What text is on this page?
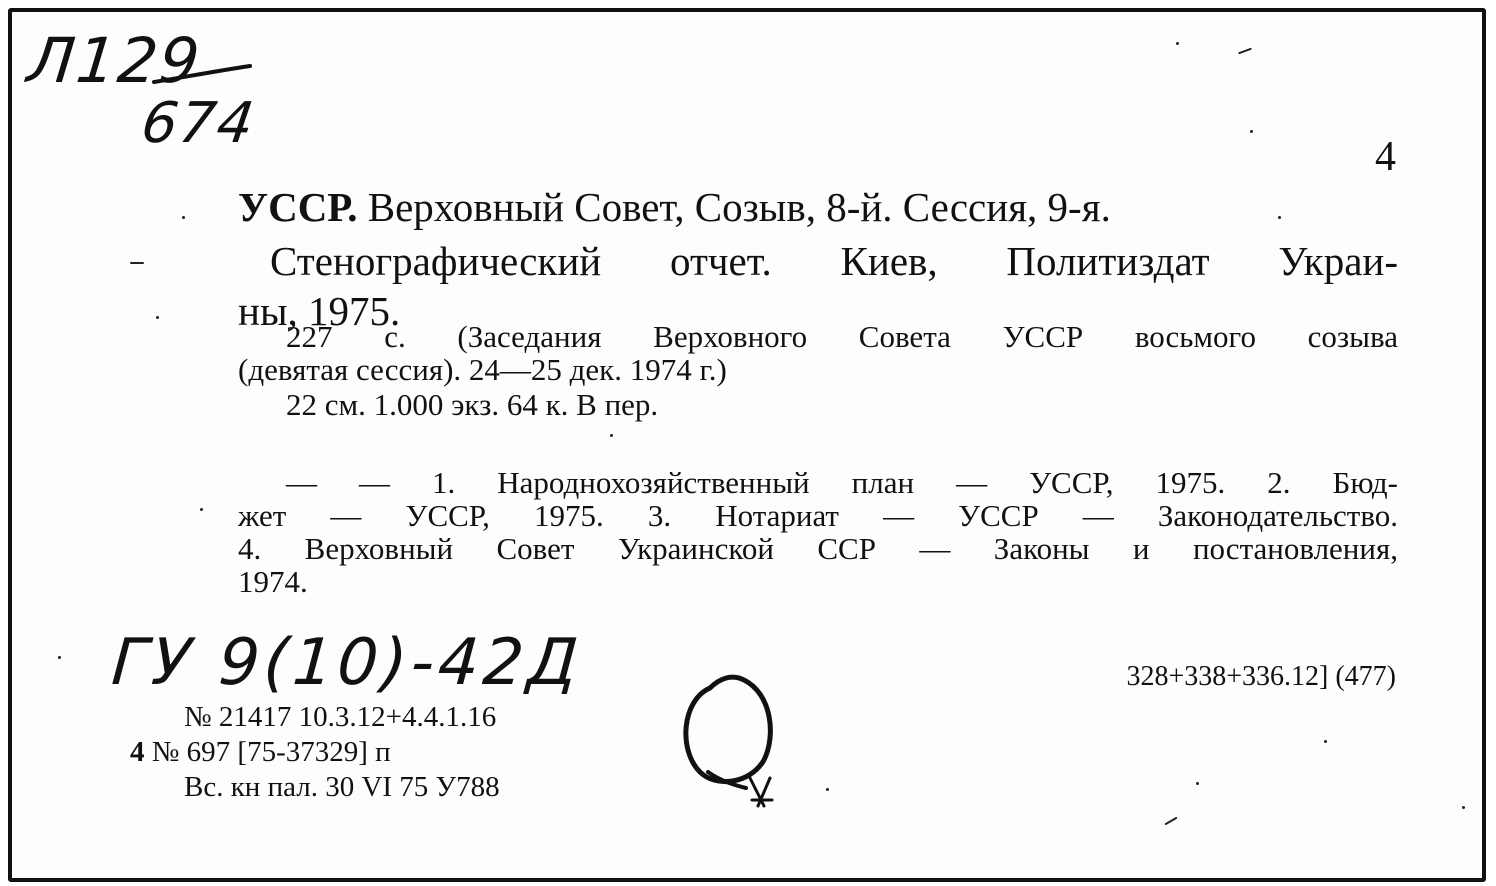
Л129
674
4
УССР. Верховный Совет, Созыв, 8-й. Сессия, 9-я.
Стенографический отчет. Киев, Политиздат Украи-
ны, 1975.
227 с. (Заседания Верховного Совета УССР восьмого созыва
(девятая сессия). 24—25 дек. 1974 г.)
22 см. 1.000 экз. 64 к. В пер.
— — 1. Народнохозяйственный план — УССР, 1975. 2. Бюд-
жет — УССР, 1975. 3. Нотариат — УССР — Законодательство.
4. Верховный Совет Украинской ССР — Законы и постановления,
1974.
ГУ 9(10)-42Д	328+338+336.12] (477)
№ 21417 10.3.12+4.4.1.16
4 № 697 [75-37329] п
Вс. кн пал. 30 VI 75 У788
